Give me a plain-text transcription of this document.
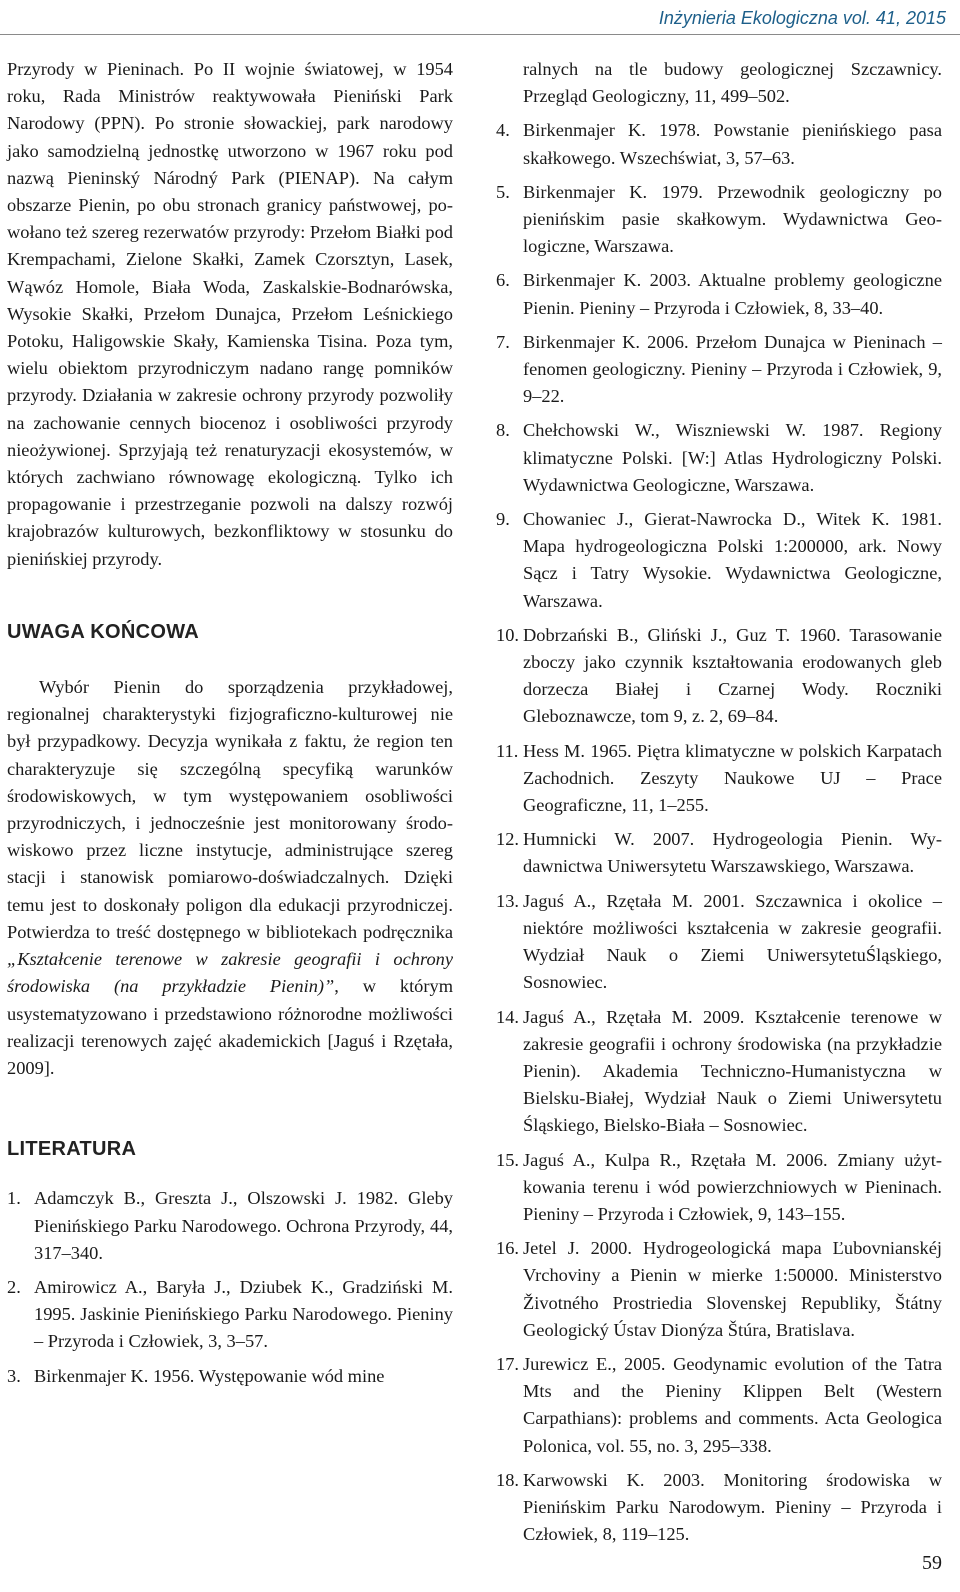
Inżynieria Ekologiczna vol. 41, 2015

Przyrody w Pieninach. Po II wojnie światowej, w 1954 roku, Rada Ministrów reaktywowała Pieniński Park Narodowy (PPN). Po stronie słowackiej, park narodowy jako samodzielną jednostkę utworzono w 1967 roku pod nazwą Pieninský Národný Park (PIENAP). Na całym obszarze Pienin, po obu stronach granicy państwowej, powołano też szereg rezerwatów przyrody: Przełom Białki pod Krempachami, Zielone Skałki, Zamek Czorsztyn, Lasek, Wąwóz Homole, Biała Woda, Zaskalskie-Bodnarówska, Wysokie Skałki, Przełom Dunajca, Przełom Leśnickiego Potoku, Haligowskie Skały, Kamienska Tisina. Poza tym, wielu obiektom przyrodniczym nadano rangę pomników przyrody. Działania w zakresie ochrony przyrody pozwoliły na zachowanie cennych biocenoz i osobliwości przyrody nieożywionej. Sprzyjają też renaturyzacji ekosystemów, w których zachwiano równowagę ekologiczną. Tylko ich propagowanie i przestrzeganie pozwoli na dalszy rozwój krajobrazów kulturowych, bezkonfliktowy w stosunku do pienińskiej przyrody.

UWAGA KOŃCOWA

Wybór Pienin do sporządzenia przykładowej, regionalnej charakterystyki fizjograficzno-kulturowej nie był przypadkowy. Decyzja wynikała z faktu, że region ten charakteryzuje się szczególną specyfiką warunków środowiskowych, w tym występowaniem osobliwości przyrodniczych, i jednocześnie jest monitorowany środowiskowo przez liczne instytucje, administrujące szereg stacji i stanowisk pomiarowo-doświadczalnych. Dzięki temu jest to doskonały poligon dla edukacji przyrodniczej. Potwierdza to treść dostępnego w bibliotekach podręcznika „Kształcenie terenowe w zakresie geografii i ochrony środowiska (na przykładzie Pienin)”, w którym usystematyzowano i przedstawiono różnorodne możliwości realizacji terenowych zajęć akademickich [Jaguś i Rzętała, 2009].

LITERATURA
1. Adamczyk B., Greszta J., Olszowski J. 1982. Gleby Pienińskiego Parku Narodowego. Ochrona Przyrody, 44, 317–340.
2. Amirowicz A., Baryła J., Dziubek K., Gradziński M. 1995. Jaskinie Pienińskiego Parku Narodowego. Pieniny – Przyroda i Człowiek, 3, 3–57.
3. Birkenmajer K. 1956. Występowanie wód mine

ralnych na tle budowy geologicznej Szczawnicy. Przegląd Geologiczny, 11, 499–502.

4. Birkenmajer K. 1978. Powstanie pienińskiego pasa skałkowego. Wszechświat, 3, 57–63.
5. Birkenmajer K. 1979. Przewodnik geologiczny po pienińskim pasie skałkowym. Wydawnictwa Geologiczne, Warszawa.
6. Birkenmajer K. 2003. Aktualne problemy geologiczne Pienin. Pieniny – Przyroda i Człowiek, 8, 33–40.
7. Birkenmajer K. 2006. Przełom Dunajca w Pieninach – fenomen geologiczny. Pieniny – Przyroda i Człowiek, 9, 9–22.
8. Chełchowski W., Wiszniewski W. 1987. Regiony klimatyczne Polski. [W:] Atlas Hydrologiczny Polski. Wydawnictwa Geologiczne, Warszawa.
9. Chowaniec J., Gierat-Nawrocka D., Witek K. 1981. Mapa hydrogeologiczna Polski 1:200000, ark. Nowy Sącz i Tatry Wysokie. Wydawnictwa Geologiczne, Warszawa.
10. Dobrzański B., Gliński J., Guz T. 1960. Tarasowanie zboczy jako czynnik kształtowania erodowanych gleb dorzecza Białej i Czarnej Wody. Roczniki Gleboznawcze, tom 9, z. 2, 69–84.
11. Hess M. 1965. Piętra klimatyczne w polskich Karpatach Zachodnich. Zeszyty Naukowe UJ – Prace Geograficzne, 11, 1–255.
12. Humnicki W. 2007. Hydrogeologia Pienin. Wydawnictwa Uniwersytetu Warszawskiego, Warszawa.
13. Jaguś A., Rzętała M. 2001. Szczawnica i okolice – niektóre możliwości kształcenia w zakresie geografii. Wydział Nauk o Ziemi UniwersytetuŚląskiego, Sosnowiec.
14. Jaguś A., Rzętała M. 2009. Kształcenie terenowe w zakresie geografii i ochrony środowiska (na przykładzie Pienin). Akademia Techniczno-Humanistyczna w Bielsku-Białej, Wydział Nauk o Ziemi Uniwersytetu Śląskiego, Bielsko-Biała – Sosnowiec.
15. Jaguś A., Kulpa R., Rzętała M. 2006. Zmiany użytkowania terenu i wód powierzchniowych w Pieninach. Pieniny – Przyroda i Człowiek, 9, 143–155.
16. Jetel J. 2000. Hydrogeologická mapa Ľubovnianskéj Vrchoviny a Pienin w mierke 1:50000. Ministerstvo Životného Prostriedia Slovenskej Republiky, Štátny Geologický Ústav Dionýza Štúra, Bratislava.
17. Jurewicz E., 2005. Geodynamic evolution of the Tatra Mts and the Pieniny Klippen Belt (Western Carpathians): problems and comments. Acta Geologica Polonica, vol. 55, no. 3, 295–338.
18. Karwowski K. 2003. Monitoring środowiska w Pienińskim Parku Narodowym. Pieniny – Przyroda i Człowiek, 8, 119–125.
59
